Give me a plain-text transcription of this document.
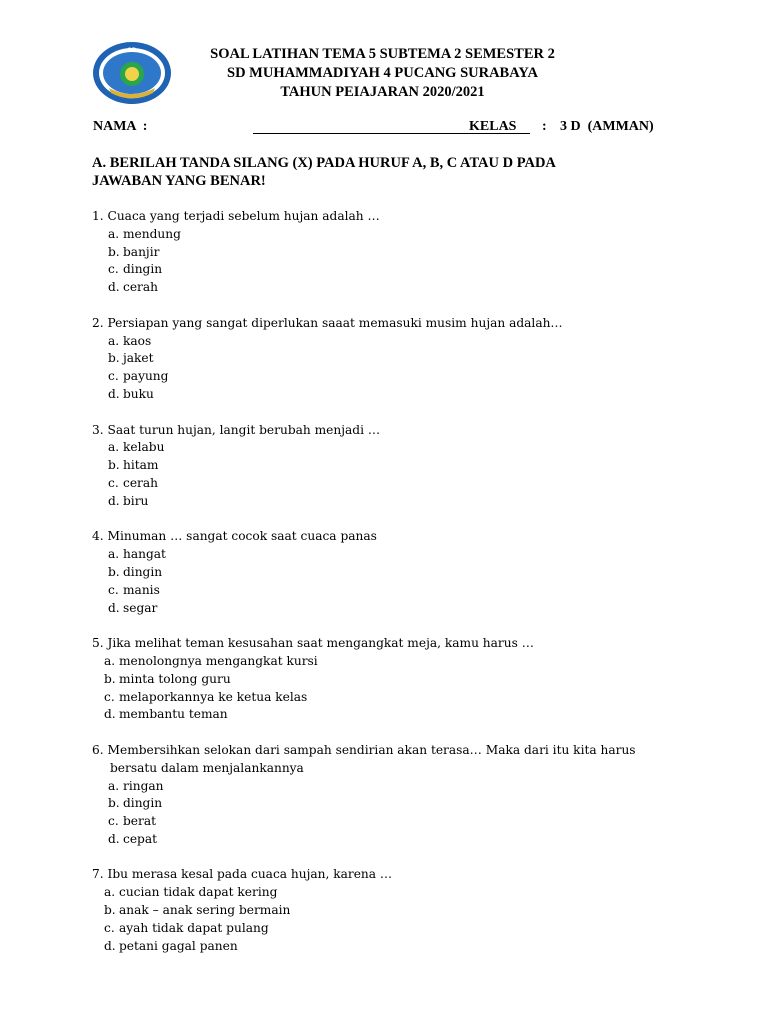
SD	SOAL LATIHAN TEMA 5 SUBTEMA 2 SEMESTER 2
SD MUHAMMADIYAH 4 PUCANG SURABAYA
TAHUN PEIAJARAN 2020/2021
NAMA  :	KELAS : 3 D  (AMMAN)
A. BERILAH TANDA SILANG (X) PADA HURUF A, B, C ATAU D PADA
JAWABAN YANG BENAR!
1. Cuaca yang terjadi sebelum hujan adalah …
a. mendung
b. banjir
c. dingin
d. cerah
2. Persiapan yang sangat diperlukan saaat memasuki musim hujan adalah…
a. kaos
b. jaket
c. payung
d. buku
3. Saat turun hujan, langit berubah menjadi …
a. kelabu
b. hitam
c. cerah
d. biru
4. Minuman … sangat cocok saat cuaca panas
a. hangat
b. dingin
c. manis
d. segar
5. Jika melihat teman kesusahan saat mengangkat meja, kamu harus …
a. menolongnya mengangkat kursi
b. minta tolong guru
c. melaporkannya ke ketua kelas
d. membantu teman
6. Membersihkan selokan dari sampah sendirian akan terasa… Maka dari itu kita harus
bersatu dalam menjalankannya
a. ringan
b. dingin
c. berat
d. cepat
7. Ibu merasa kesal pada cuaca hujan, karena …
a. cucian tidak dapat kering
b. anak – anak sering bermain
c. ayah tidak dapat pulang
d. petani gagal panen
